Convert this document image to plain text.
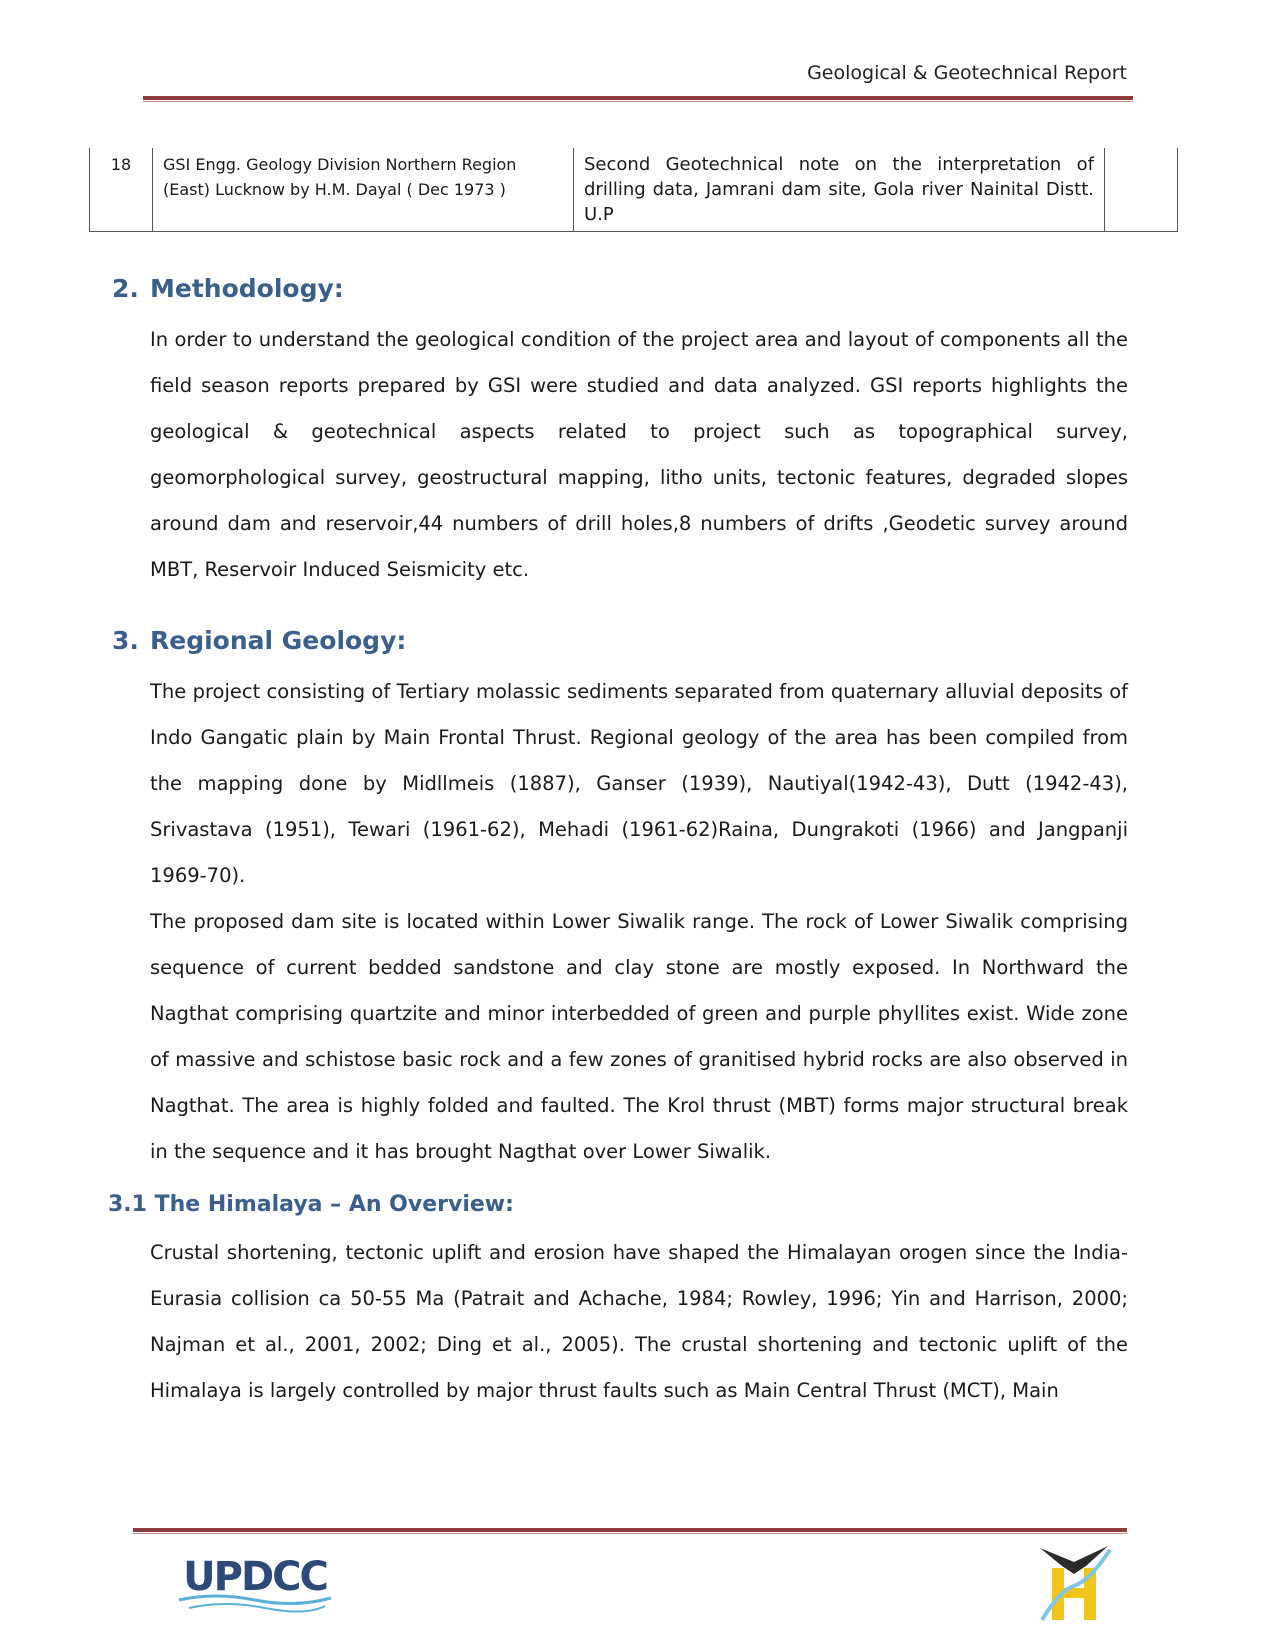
Geological & Geotechnical Report
18	GSI Engg. Geology Division Northern Region (East) Lucknow by H.M. Dayal ( Dec 1973 )	Second Geotechnical note on the interpretation of drilling data, Jamrani dam site, Gola river Nainital Distt. U.P	
2. Methodology:

In order to understand the geological condition of the project area and layout of components all the field season reports prepared by GSI were studied and data analyzed. GSI reports highlights the geological & geotechnical aspects related to project such as topographical survey, geomorphological survey, geostructural mapping, litho units, tectonic features, degraded slopes around dam and reservoir,44 numbers of drill holes,8 numbers of drifts ,Geodetic survey around MBT, Reservoir Induced Seismicity etc.

3. Regional Geology:

The project consisting of Tertiary molassic sediments separated from quaternary alluvial deposits of Indo Gangatic plain by Main Frontal Thrust. Regional geology of the area has been compiled from the mapping done by Midllmeis (1887), Ganser (1939), Nautiyal(1942-43), Dutt (1942-43), Srivastava (1951), Tewari (1961-62), Mehadi (1961-62)Raina, Dungrakoti (1966) and Jangpanji 1969-70).

The proposed dam site is located within Lower Siwalik range. The rock of Lower Siwalik comprising sequence of current bedded sandstone and clay stone are mostly exposed. In Northward the Nagthat comprising quartzite and minor interbedded of green and purple phyllites exist. Wide zone of massive and schistose basic rock and a few zones of granitised hybrid rocks are also observed in Nagthat. The area is highly folded and faulted. The Krol thrust (MBT) forms major structural break in the sequence and it has brought Nagthat over Lower Siwalik.

3.1 The Himalaya – An Overview:

Crustal shortening, tectonic uplift and erosion have shaped the Himalayan orogen since the India-Eurasia collision ca 50-55 Ma (Patrait and Achache, 1984; Rowley, 1996; Yin and Harrison, 2000; Najman et al., 2001, 2002; Ding et al., 2005). The crustal shortening and tectonic uplift of the Himalaya is largely controlled by major thrust faults such as Main Central Thrust (MCT), Main

UPDCC
